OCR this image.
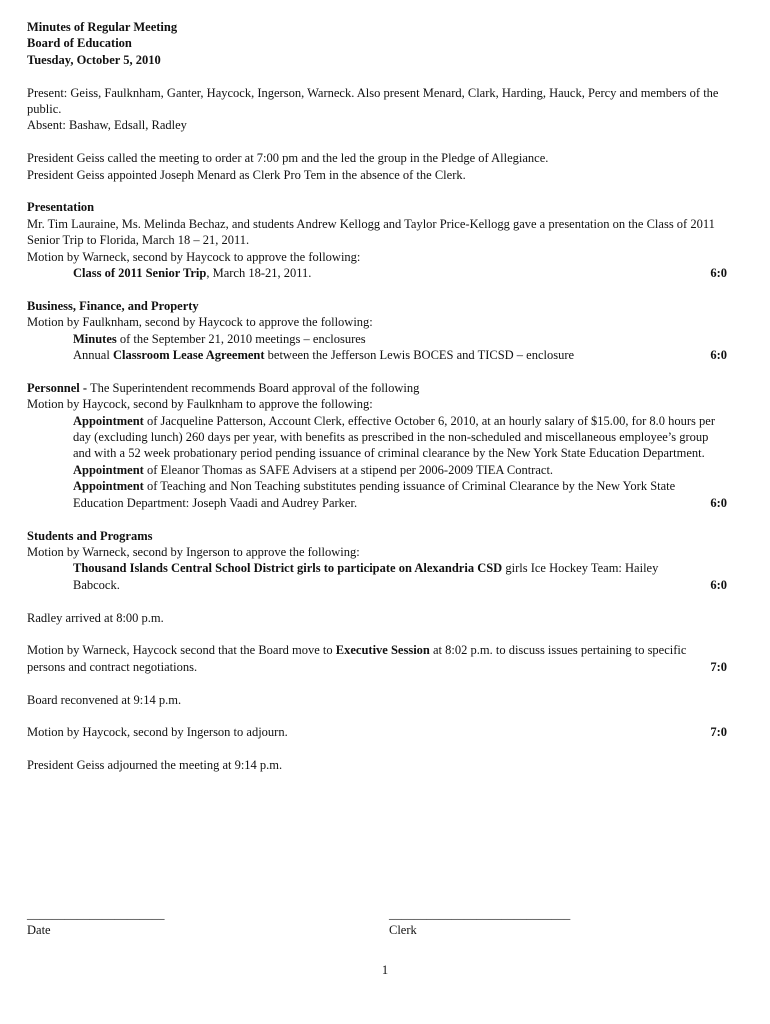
Minutes of Regular Meeting

Board of Education

Tuesday, October 5, 2010

Present: Geiss, Faulknham, Ganter, Haycock, Ingerson, Warneck. Also present Menard, Clark, Harding, Hauck, Percy and members of the public.

Absent: Bashaw, Edsall, Radley

President Geiss called the meeting to order at 7:00 pm and the led the group in the Pledge of Allegiance.

President Geiss appointed Joseph Menard as Clerk Pro Tem in the absence of the Clerk.

Presentation

Mr. Tim Lauraine, Ms. Melinda Bechaz, and students Andrew Kellogg and Taylor Price-Kellogg gave a presentation on the Class of 2011 Senior Trip to Florida, March 18 – 21, 2011.

Motion by Warneck, second by Haycock to approve the following:

Class of 2011 Senior Trip, March 18-21, 2011.	6:0

Business, Finance, and Property

Motion by Faulknham, second by Haycock to approve the following:

Minutes of the September 21, 2010 meetings – enclosures

Annual Classroom Lease Agreement between the Jefferson Lewis BOCES and TICSD – enclosure	6:0

Personnel - The Superintendent recommends Board approval of the following

Motion by Haycock, second by Faulknham to approve the following:

Appointment of Jacqueline Patterson, Account Clerk, effective October 6, 2010, at an hourly salary of $15.00, for 8.0 hours per day (excluding lunch) 260 days per year, with benefits as prescribed in the non-scheduled and miscellaneous employee’s group and with a 52 week probationary period pending issuance of criminal clearance by the New York State Education Department.

Appointment of Eleanor Thomas as SAFE Advisers at a stipend per 2006-2009 TIEA Contract.

Appointment of Teaching and Non Teaching substitutes pending issuance of Criminal Clearance by the New York State Education Department: Joseph Vaadi and Audrey Parker.	6:0

Students and Programs

Motion by Warneck, second by Ingerson to approve the following:

Thousand Islands Central School District girls to participate on Alexandria CSD girls Ice Hockey Team: Hailey Babcock.	6:0

Radley arrived at 8:00 p.m.

Motion by Warneck, Haycock second that the Board move to Executive Session at 8:02 p.m. to discuss issues pertaining to specific persons and contract negotiations.	7:0

Board reconvened at 9:14 p.m.

Motion by Haycock, second by Ingerson to adjourn.	7:0

President Geiss adjourned the meeting at 9:14 p.m.

______________________
Date
_____________________________
Clerk
1
